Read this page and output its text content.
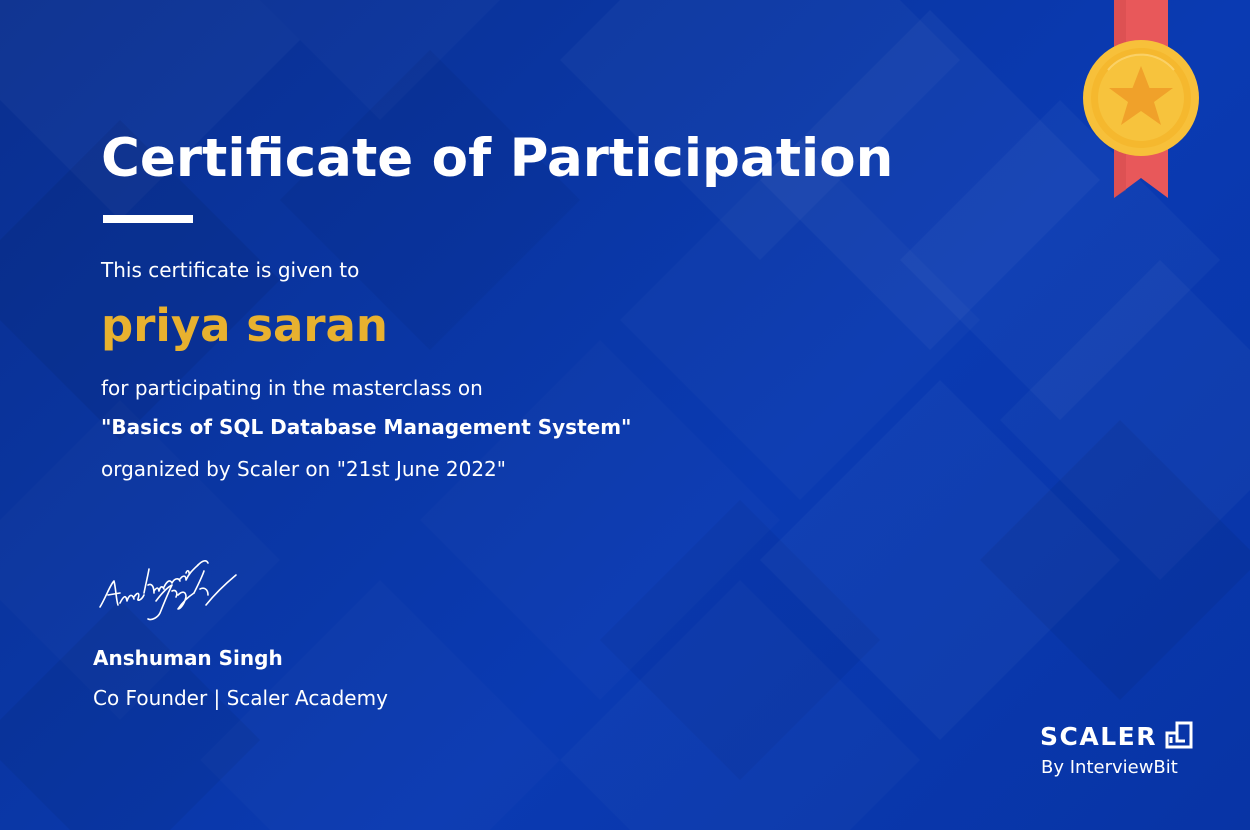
Certificate of Participation
This certificate is given to
priya saran
for participating in the masterclass on
"Basics of SQL Database Management System"
organized by Scaler on "21st June 2022"
Anshuman Singh
Co Founder | Scaler Academy
SCALER
By InterviewBit
